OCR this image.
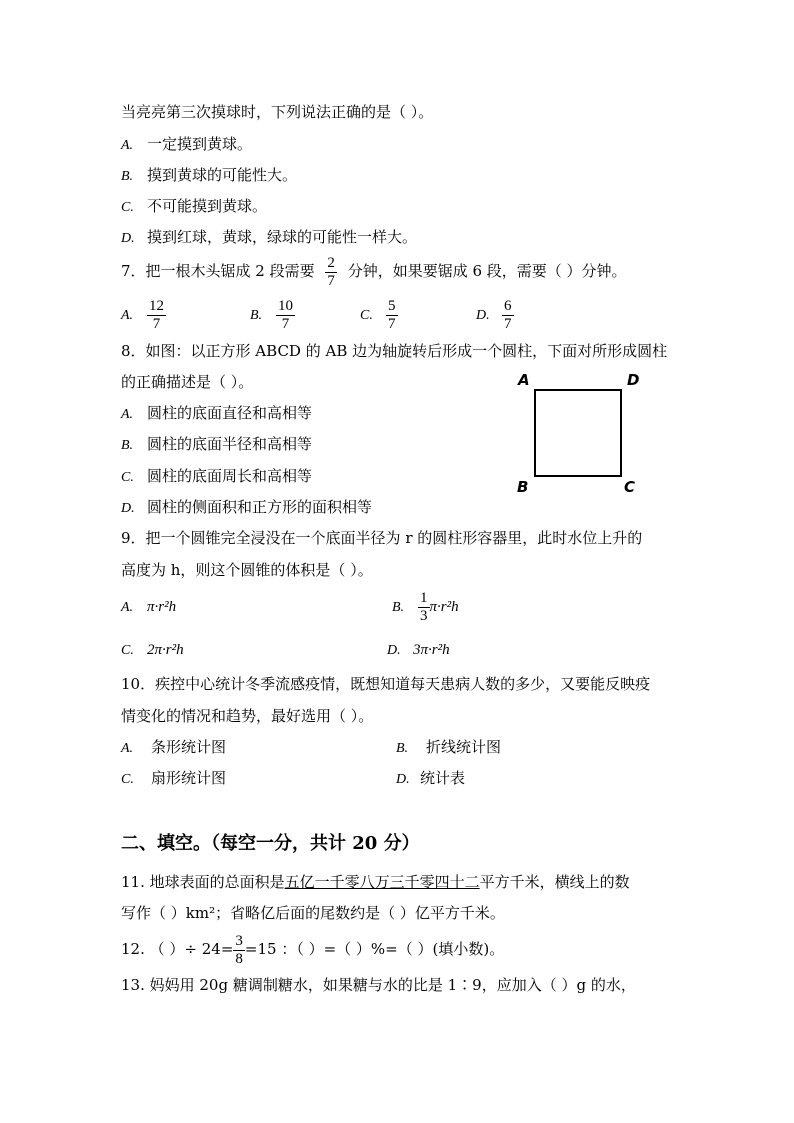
当亮亮第三次摸球时，下列说法正确的是（ ）。
A. 一定摸到黄球。
B. 摸到黄球的可能性大。
C. 不可能摸到黄球。
D. 摸到红球，黄球，绿球的可能性一样大。
7．把一根木头锯成 2 段需要 $\frac{2}{7}$ 分钟，如果要锯成 6 段，需要（ ）分钟。
A. $\frac{12}{7}$	B. $\frac{10}{7}$	C. $\frac{5}{7}$	D. $\frac{6}{7}$
8．如图：以正方形 ABCD 的 AB 边为轴旋转后形成一个圆柱，下面对所形成圆柱
的正确描述是（ ）。
A. 圆柱的底面直径和高相等
B. 圆柱的底面半径和高相等
C. 圆柱的底面周长和高相等
D. 圆柱的侧面积和正方形的面积相等
A	D
B	C
9．把一个圆锥完全浸没在一个底面半径为 r 的圆柱形容器里，此时水位上升的
高度为 h，则这个圆锥的体积是（ ）。
A. π·r²h	B. $\frac{1}{3} \pi\cdot r^2h$
C. 2π·r²h	D. 3π·r²h
10．疾控中心统计冬季流感疫情，既想知道每天患病人数的多少，又要能反映疫
情变化的情况和趋势，最好选用（ ）。
A. 条形统计图	B. 折线统计图
C. 扇形统计图	D. 统计表
二、填空。（每空一分，共计 20 分）
11. 地球表面的总面积是五亿一千零八万三千零四十二平方千米，横线上的数
写作（ ）km²；省略亿后面的尾数约是（ ）亿平方千米。
12. （ ）÷ $24= \frac{3}{8} =15$ ：（ ）=（ ）%=（ ）(填小数)。
13. 妈妈用 20g 糖调制糖水，如果糖与水的比是 1∶9，应加入（ ）g 的水，
